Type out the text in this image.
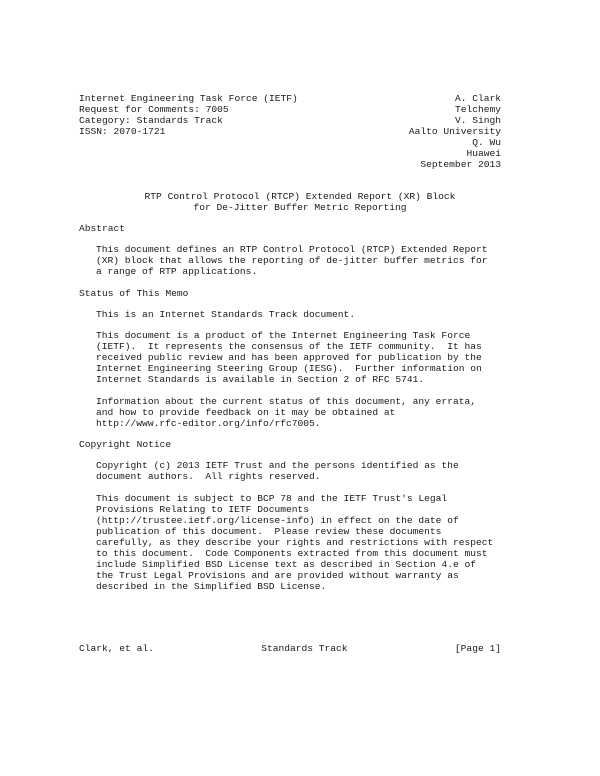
Internet Engineering Task Force (IETF)	A. Clark
Request for Comments: 7005	Telchemy
Category: Standards Track	V. Singh
ISSN: 2070-1721	Aalto University
Q. Wu
Huawei
September 2013
RTP Control Protocol (RTCP) Extended Report (XR) Block
for De-Jitter Buffer Metric Reporting
Abstract
This document defines an RTP Control Protocol (RTCP) Extended Report
(XR) block that allows the reporting of de-jitter buffer metrics for
a range of RTP applications.
Status of This Memo
This is an Internet Standards Track document.
This document is a product of the Internet Engineering Task Force
(IETF).  It represents the consensus of the IETF community.  It has
received public review and has been approved for publication by the
Internet Engineering Steering Group (IESG).  Further information on
Internet Standards is available in Section 2 of RFC 5741.
Information about the current status of this document, any errata,
and how to provide feedback on it may be obtained at
http://www.rfc-editor.org/info/rfc7005.
Copyright Notice
Copyright (c) 2013 IETF Trust and the persons identified as the
document authors.  All rights reserved.
This document is subject to BCP 78 and the IETF Trust's Legal
Provisions Relating to IETF Documents
(http://trustee.ietf.org/license-info) in effect on the date of
publication of this document.  Please review these documents
carefully, as they describe your rights and restrictions with respect
to this document.  Code Components extracted from this document must
include Simplified BSD License text as described in Section 4.e of
the Trust Legal Provisions and are provided without warranty as
described in the Simplified BSD License.
Clark, et al.	Standards Track	[Page 1]
